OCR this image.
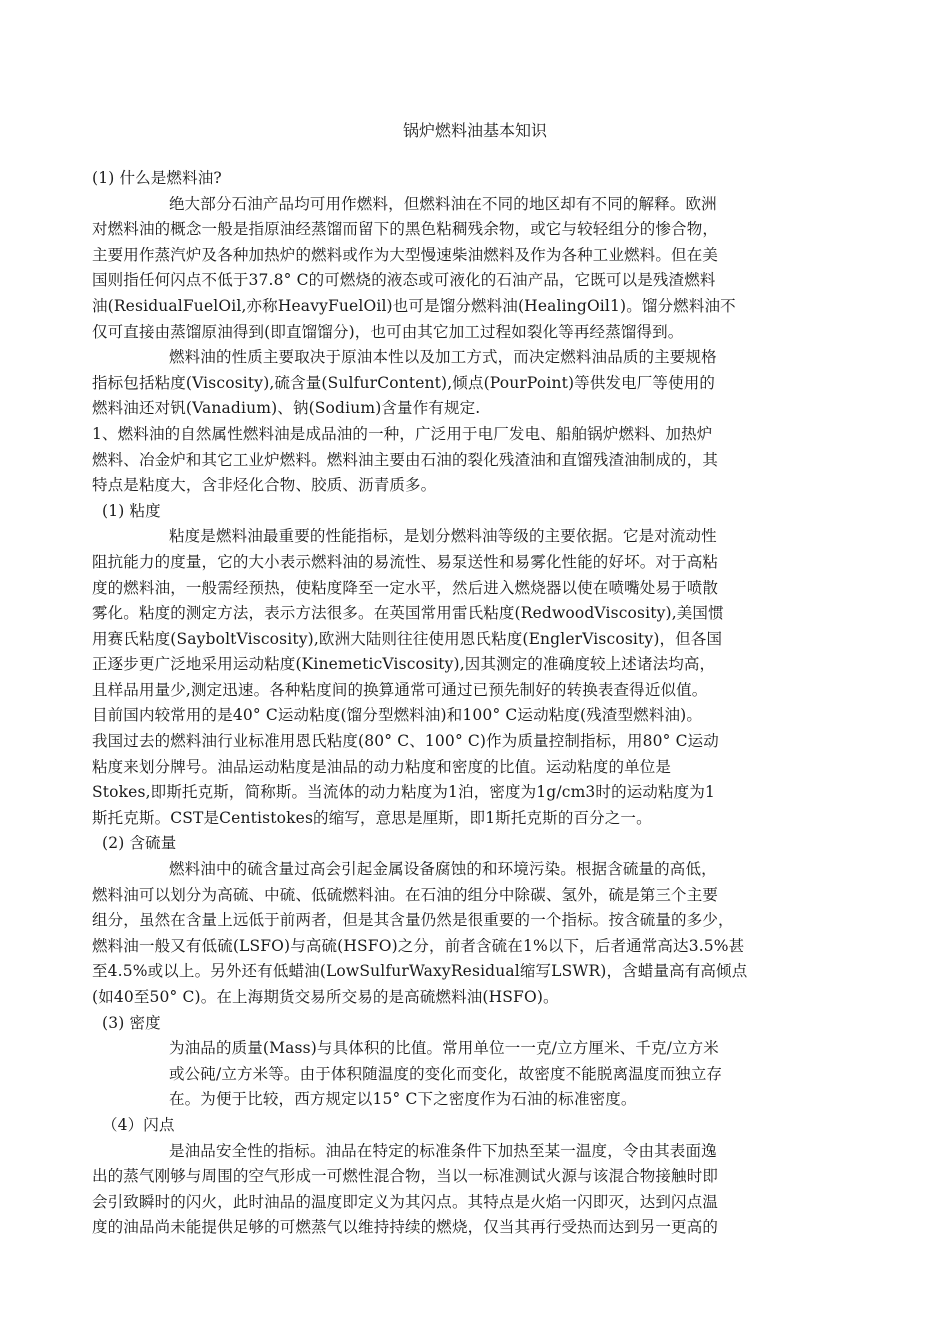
锅炉燃料油基本知识
(1) 什么是燃料油?
绝大部分石油产品均可用作燃料，但燃料油在不同的地区却有不同的解释。欧洲
对燃料油的概念一般是指原油经蒸馏而留下的黑色粘稠残余物，或它与较轻组分的惨合物，
主要用作蒸汽炉及各种加热炉的燃料或作为大型慢速柴油燃料及作为各种工业燃料。但在美
国则指任何闪点不低于37.8° C的可燃烧的液态或可液化的石油产品，它既可以是残渣燃料
油(ResidualFuelOil,亦称HeavyFuelOil)也可是馏分燃料油(HealingOil1)。馏分燃料油不
仅可直接由蒸馏原油得到(即直馏馏分)，也可由其它加工过程如裂化等再经蒸馏得到。
燃料油的性质主要取决于原油本性以及加工方式，而决定燃料油品质的主要规格
指标包括粘度(Viscosity),硫含量(SulfurContent),倾点(PourPoint)等供发电厂等使用的
燃料油还对钒(Vanadium)、钠(Sodium)含量作有规定.
1、燃料油的自然属性燃料油是成品油的一种，广泛用于电厂发电、船舶锅炉燃料、加热炉
燃料、冶金炉和其它工业炉燃料。燃料油主要由石油的裂化残渣油和直馏残渣油制成的，其
特点是粘度大，含非烃化合物、胶质、沥青质多。
(1) 粘度
粘度是燃料油最重要的性能指标，是划分燃料油等级的主要依据。它是对流动性
阻抗能力的度量，它的大小表示燃料油的易流性、易泵送性和易雾化性能的好坏。对于高粘
度的燃料油，一般需经预热，使粘度降至一定水平，然后进入燃烧器以使在喷嘴处易于喷散
雾化。粘度的测定方法，表示方法很多。在英国常用雷氏粘度(RedwoodViscosity),美国惯
用赛氏粘度(SayboltViscosity),欧洲大陆则往往使用恩氏粘度(EnglerViscosity)，但各国
正逐步更广泛地采用运动粘度(KinemeticViscosity),因其测定的准确度较上述诸法均高，
且样品用量少,测定迅速。各种粘度间的换算通常可通过已预先制好的转换表查得近似值。
目前国内较常用的是40° C运动粘度(馏分型燃料油)和100° C运动粘度(残渣型燃料油)。
我国过去的燃料油行业标准用恩氏粘度(80° C、100° C)作为质量控制指标，用80° C运动
粘度来划分牌号。油品运动粘度是油品的动力粘度和密度的比值。运动粘度的单位是
Stokes,即斯托克斯，简称斯。当流体的动力粘度为1泊，密度为1g/cm3时的运动粘度为1
斯托克斯。CST是Centistokes的缩写，意思是厘斯，即1斯托克斯的百分之一。
(2) 含硫量
燃料油中的硫含量过高会引起金属设备腐蚀的和环境污染。根据含硫量的高低，
燃料油可以划分为高硫、中硫、低硫燃料油。在石油的组分中除碳、氢外，硫是第三个主要
组分，虽然在含量上远低于前两者，但是其含量仍然是很重要的一个指标。按含硫量的多少，
燃料油一般又有低硫(LSFO)与高硫(HSFO)之分，前者含硫在1%以下，后者通常高达3.5%甚
至4.5%或以上。另外还有低蜡油(LowSulfurWaxyResidual缩写LSWR)，含蜡量高有高倾点
(如40至50° C)。在上海期货交易所交易的是高硫燃料油(HSFO)。
(3) 密度
为油品的质量(Mass)与具体积的比值。常用单位一一克/立方厘米、千克/立方米
或公砘/立方米等。由于体积随温度的变化而变化，故密度不能脱离温度而独立存
在。为便于比较，西方规定以15° C下之密度作为石油的标准密度。
（4）闪点
是油品安全性的指标。油品在特定的标准条件下加热至某一温度，令由其表面逸
出的蒸气刚够与周围的空气形成一可燃性混合物，当以一标准测试火源与该混合物接触时即
会引致瞬时的闪火，此时油品的温度即定义为其闪点。其特点是火焰一闪即灭，达到闪点温
度的油品尚未能提供足够的可燃蒸气以维持持续的燃烧，仅当其再行受热而达到另一更高的
